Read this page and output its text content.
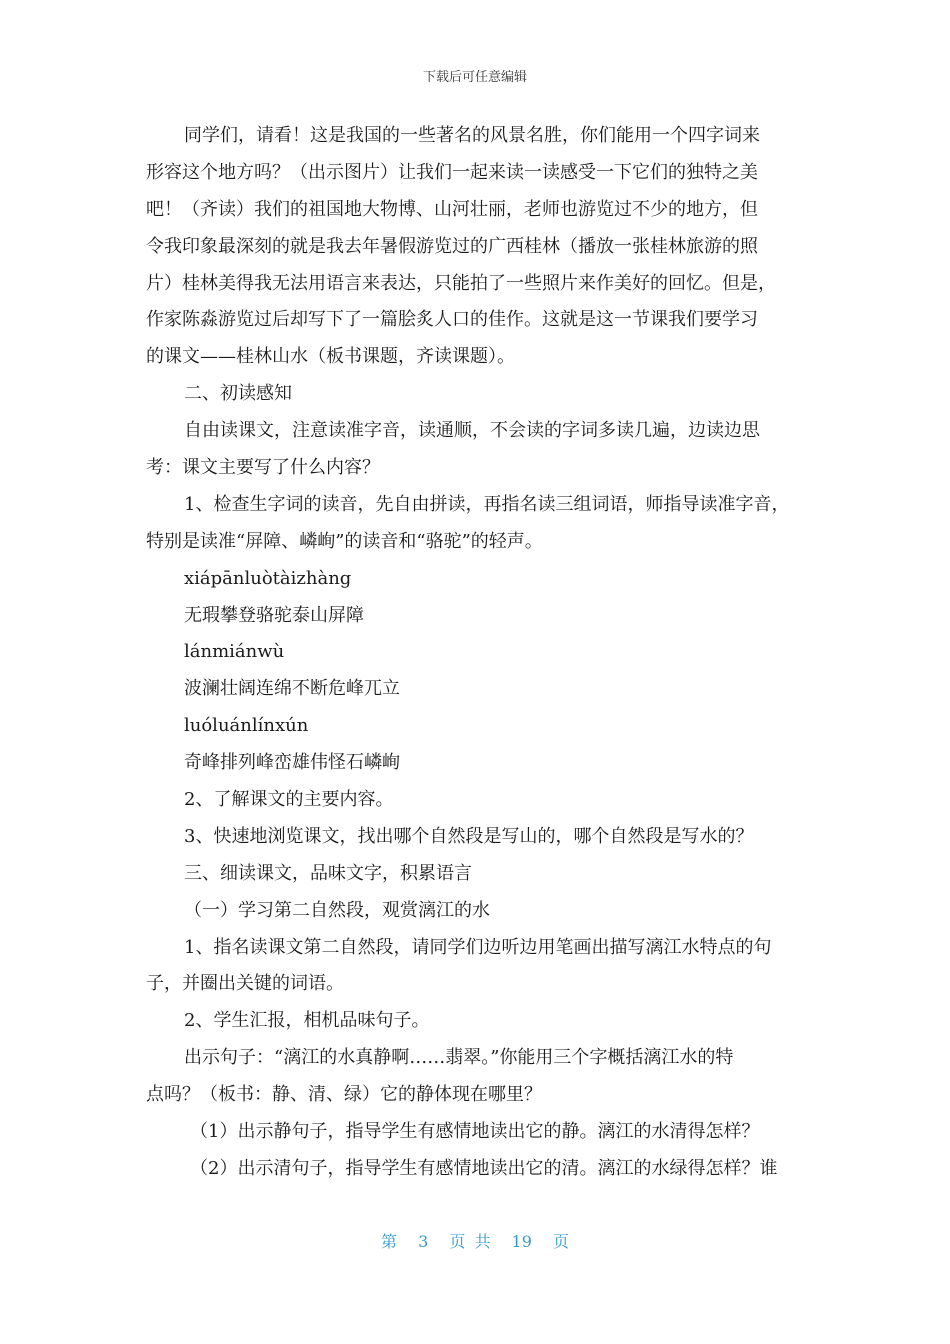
下载后可任意编辑
同学们，请看！这是我国的一些著名的风景名胜，你们能用一个四字词来
形容这个地方吗？（出示图片）让我们一起来读一读感受一下它们的独特之美
吧！（齐读）我们的祖国地大物博、山河壮丽，老师也游览过不少的地方，但
令我印象最深刻的就是我去年暑假游览过的广西桂林（播放一张桂林旅游的照
片）桂林美得我无法用语言来表达，只能拍了一些照片来作美好的回忆。但是，
作家陈淼游览过后却写下了一篇脍炙人口的佳作。这就是这一节课我们要学习
的课文——桂林山水（板书课题，齐读课题）。
二、初读感知
自由读课文，注意读准字音，读通顺，不会读的字词多读几遍，边读边思
考：课文主要写了什么内容？
1、检查生字词的读音，先自由拼读，再指名读三组词语，师指导读准字音，
特别是读准“屏障、嶙峋”的读音和“骆驼”的轻声。
xiápānluòtàizhàng
无瑕攀登骆驼泰山屏障
lánmiánwù
波澜壮阔连绵不断危峰兀立
luóluánlínxún
奇峰排列峰峦雄伟怪石嶙峋
2、了解课文的主要内容。
3、快速地浏览课文，找出哪个自然段是写山的，哪个自然段是写水的？
三、细读课文，品味文字，积累语言
（一）学习第二自然段，观赏漓江的水
1、指名读课文第二自然段，请同学们边听边用笔画出描写漓江水特点的句
子，并圈出关键的词语。
2、学生汇报，相机品味句子。
出示句子：“漓江的水真静啊……翡翠。”你能用三个字概括漓江水的特
点吗？（板书：静、清、绿）它的静体现在哪里？
（1）出示静句子，指导学生有感情地读出它的静。漓江的水清得怎样？
（2）出示清句子，指导学生有感情地读出它的清。漓江的水绿得怎样？谁
第 3 页 共 19 页
